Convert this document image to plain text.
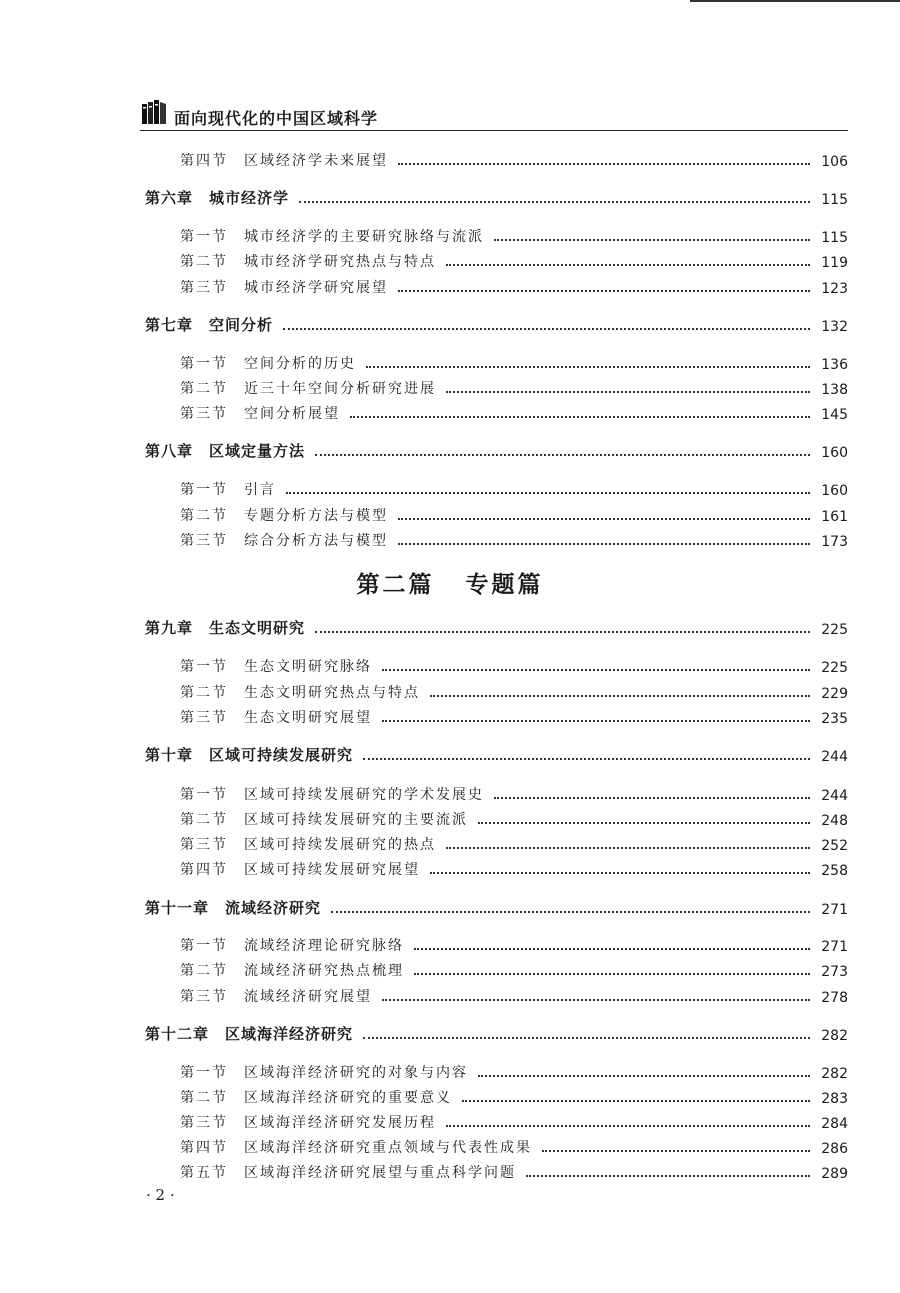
面向现代化的中国区域科学
第四节	区域经济学未来展望	106
第六章 城市经济学	115
第一节	城市经济学的主要研究脉络与流派	115
第二节	城市经济学研究热点与特点	119
第三节	城市经济学研究展望	123
第七章 空间分析	132
第一节	空间分析的历史	136
第二节	近三十年空间分析研究进展	138
第三节	空间分析展望	145
第八章 区域定量方法	160
第一节	引言	160
第二节	专题分析方法与模型	161
第三节	综合分析方法与模型	173
第九章 生态文明研究	225
第一节	生态文明研究脉络	225
第二节	生态文明研究热点与特点	229
第三节	生态文明研究展望	235
第十章 区域可持续发展研究	244
第一节	区域可持续发展研究的学术发展史	244
第二节	区域可持续发展研究的主要流派	248
第三节	区域可持续发展研究的热点	252
第四节	区域可持续发展研究展望	258
第十一章 流域经济研究	271
第一节	流域经济理论研究脉络	271
第二节	流域经济研究热点梳理	273
第三节	流域经济研究展望	278
第十二章 区域海洋经济研究	282
第一节	区域海洋经济研究的对象与内容	282
第二节	区域海洋经济研究的重要意义	283
第三节	区域海洋经济研究发展历程	284
第四节	区域海洋经济研究重点领域与代表性成果	286
第五节	区域海洋经济研究展望与重点科学问题	289
第二篇 专题篇
· 2 ·
